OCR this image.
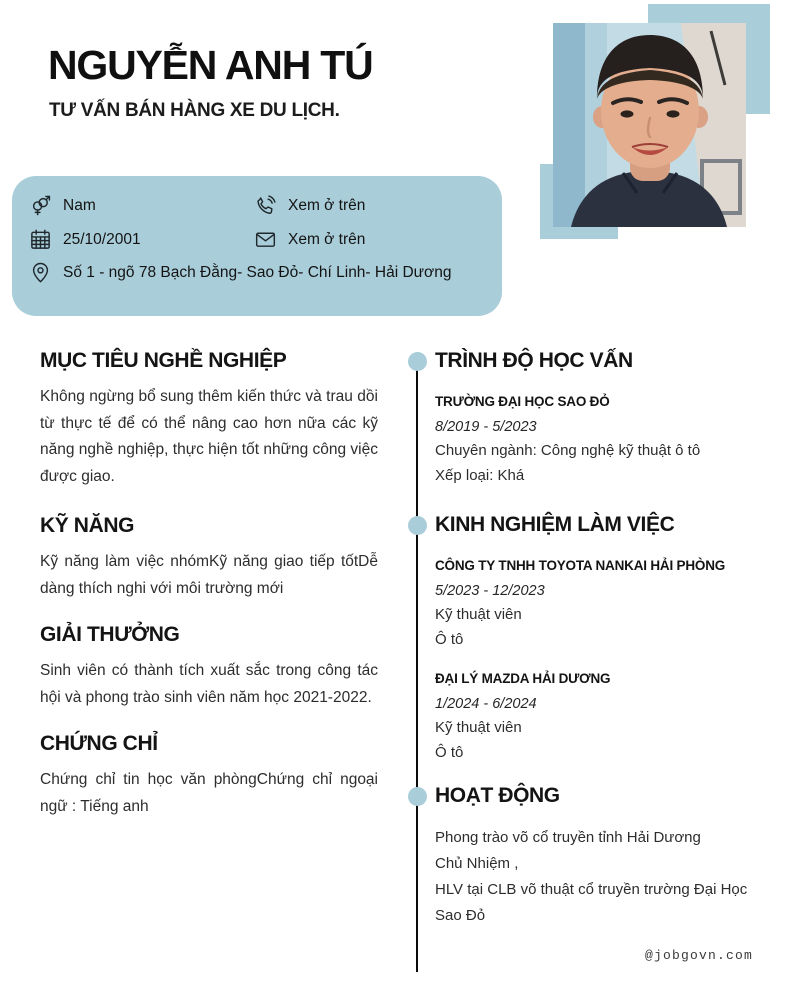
NGUYỄN ANH TÚ
TƯ VẤN BÁN HÀNG XE DU LỊCH.
Nam	Xem ở trên
25/10/2001	Xem ở trên
Số 1 - ngõ 78 Bạch Đằng- Sao Đỏ- Chí Linh- Hải Dương
MỤC TIÊU NGHỀ NGHIỆP

Không ngừng bổ sung thêm kiến thức và trau dồi từ thực tế để có thể nâng cao hơn nữa các kỹ năng nghề nghiệp, thực hiện tốt những công việc được giao.

KỸ NĂNG

Kỹ năng làm việc nhómKỹ năng giao tiếp tốtDễ dàng thích nghi với môi trường mới

GIẢI THƯỞNG

Sinh viên có thành tích xuất sắc trong công tác hội và phong trào sinh viên năm học 2021-2022.

CHỨNG CHỈ

Chứng chỉ tin học văn phòngChứng chỉ ngoại ngữ : Tiếng anh

TRÌNH ĐỘ HỌC VẤN

TRƯỜNG ĐẠI HỌC SAO ĐỎ

8/2019 - 5/2023

Chuyên ngành: Công nghệ kỹ thuật ô tô

Xếp loại: Khá

KINH NGHIỆM LÀM VIỆC

CÔNG TY TNHH TOYOTA NANKAI HẢI PHÒNG

5/2023 - 12/2023

Kỹ thuật viên

Ô tô

ĐẠI LÝ MAZDA HẢI DƯƠNG

1/2024 - 6/2024

Kỹ thuật viên

Ô tô

HOẠT ĐỘNG

Phong trào võ cổ truyền tỉnh Hải Dương

Chủ Nhiệm ,

HLV tại CLB võ thuật cổ truyền trường Đại Học Sao Đỏ

@jobgovn.com
